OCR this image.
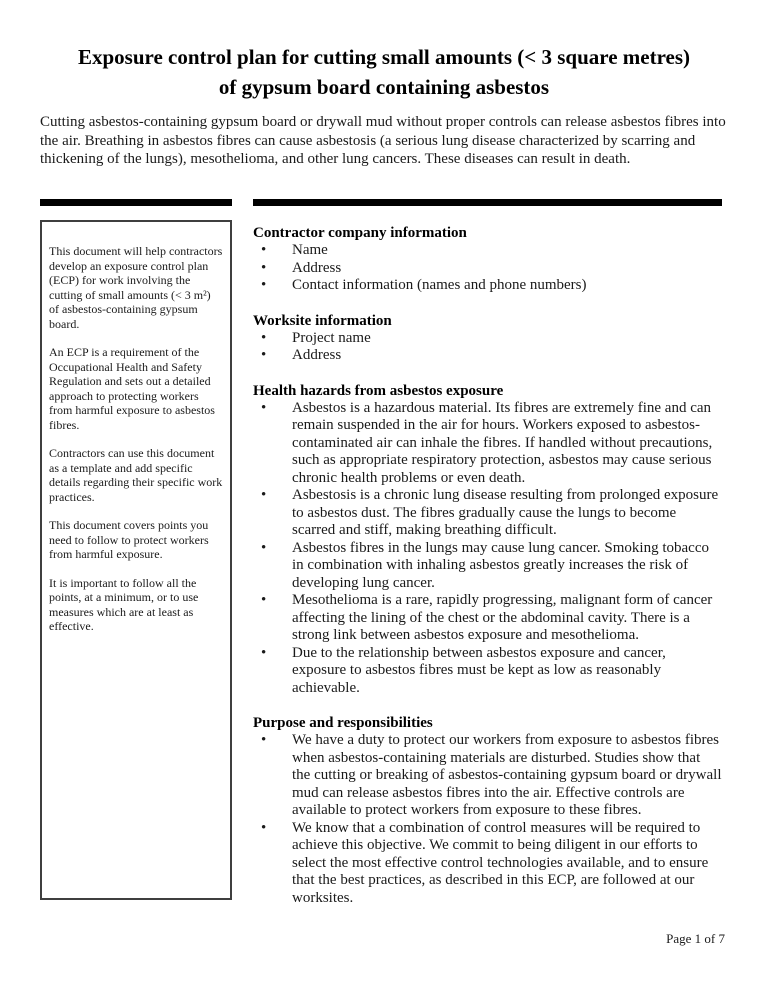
Exposure control plan for cutting small amounts (< 3 square metres)
of gypsum board containing asbestos

Cutting asbestos-containing gypsum board or drywall mud without proper controls can release asbestos fibres into the air. Breathing in asbestos fibres can cause asbestosis (a serious lung disease characterized by scarring and thickening of the lungs), mesothelioma, and other lung cancers. These diseases can result in death.

This document will help contractors develop an exposure control plan (ECP) for work involving the cutting of small amounts (< 3 m²) of asbestos-containing gypsum board.

An ECP is a requirement of the Occupational Health and Safety Regulation and sets out a detailed approach to protecting workers from harmful exposure to asbestos fibres.

Contractors can use this document as a template and add specific details regarding their specific work practices.

This document covers points you need to follow to protect workers from harmful exposure.

It is important to follow all the points, at a minimum, or to use measures which are at least as effective.

Contractor company information
• Name
• Address
• Contact information (names and phone numbers)
Worksite information
• Project name
• Address
Health hazards from asbestos exposure
• Asbestos is a hazardous material. Its fibres are extremely fine and can remain suspended in the air for hours. Workers exposed to asbestos-contaminated air can inhale the fibres. If handled without precautions, such as appropriate respiratory protection, asbestos may cause serious chronic health problems or even death.
• Asbestosis is a chronic lung disease resulting from prolonged exposure to asbestos dust. The fibres gradually cause the lungs to become scarred and stiff, making breathing difficult.
• Asbestos fibres in the lungs may cause lung cancer. Smoking tobacco in combination with inhaling asbestos greatly increases the risk of developing lung cancer.
• Mesothelioma is a rare, rapidly progressing, malignant form of cancer affecting the lining of the chest or the abdominal cavity. There is a strong link between asbestos exposure and mesothelioma.
• Due to the relationship between asbestos exposure and cancer, exposure to asbestos fibres must be kept as low as reasonably achievable.
Purpose and responsibilities
• We have a duty to protect our workers from exposure to asbestos fibres when asbestos-containing materials are disturbed. Studies show that the cutting or breaking of asbestos-containing gypsum board or drywall mud can release asbestos fibres into the air. Effective controls are available to protect workers from exposure to these fibres.
• We know that a combination of control measures will be required to achieve this objective. We commit to being diligent in our efforts to select the most effective control technologies available, and to ensure that the best practices, as described in this ECP, are followed at our worksites.
Page 1 of 7
